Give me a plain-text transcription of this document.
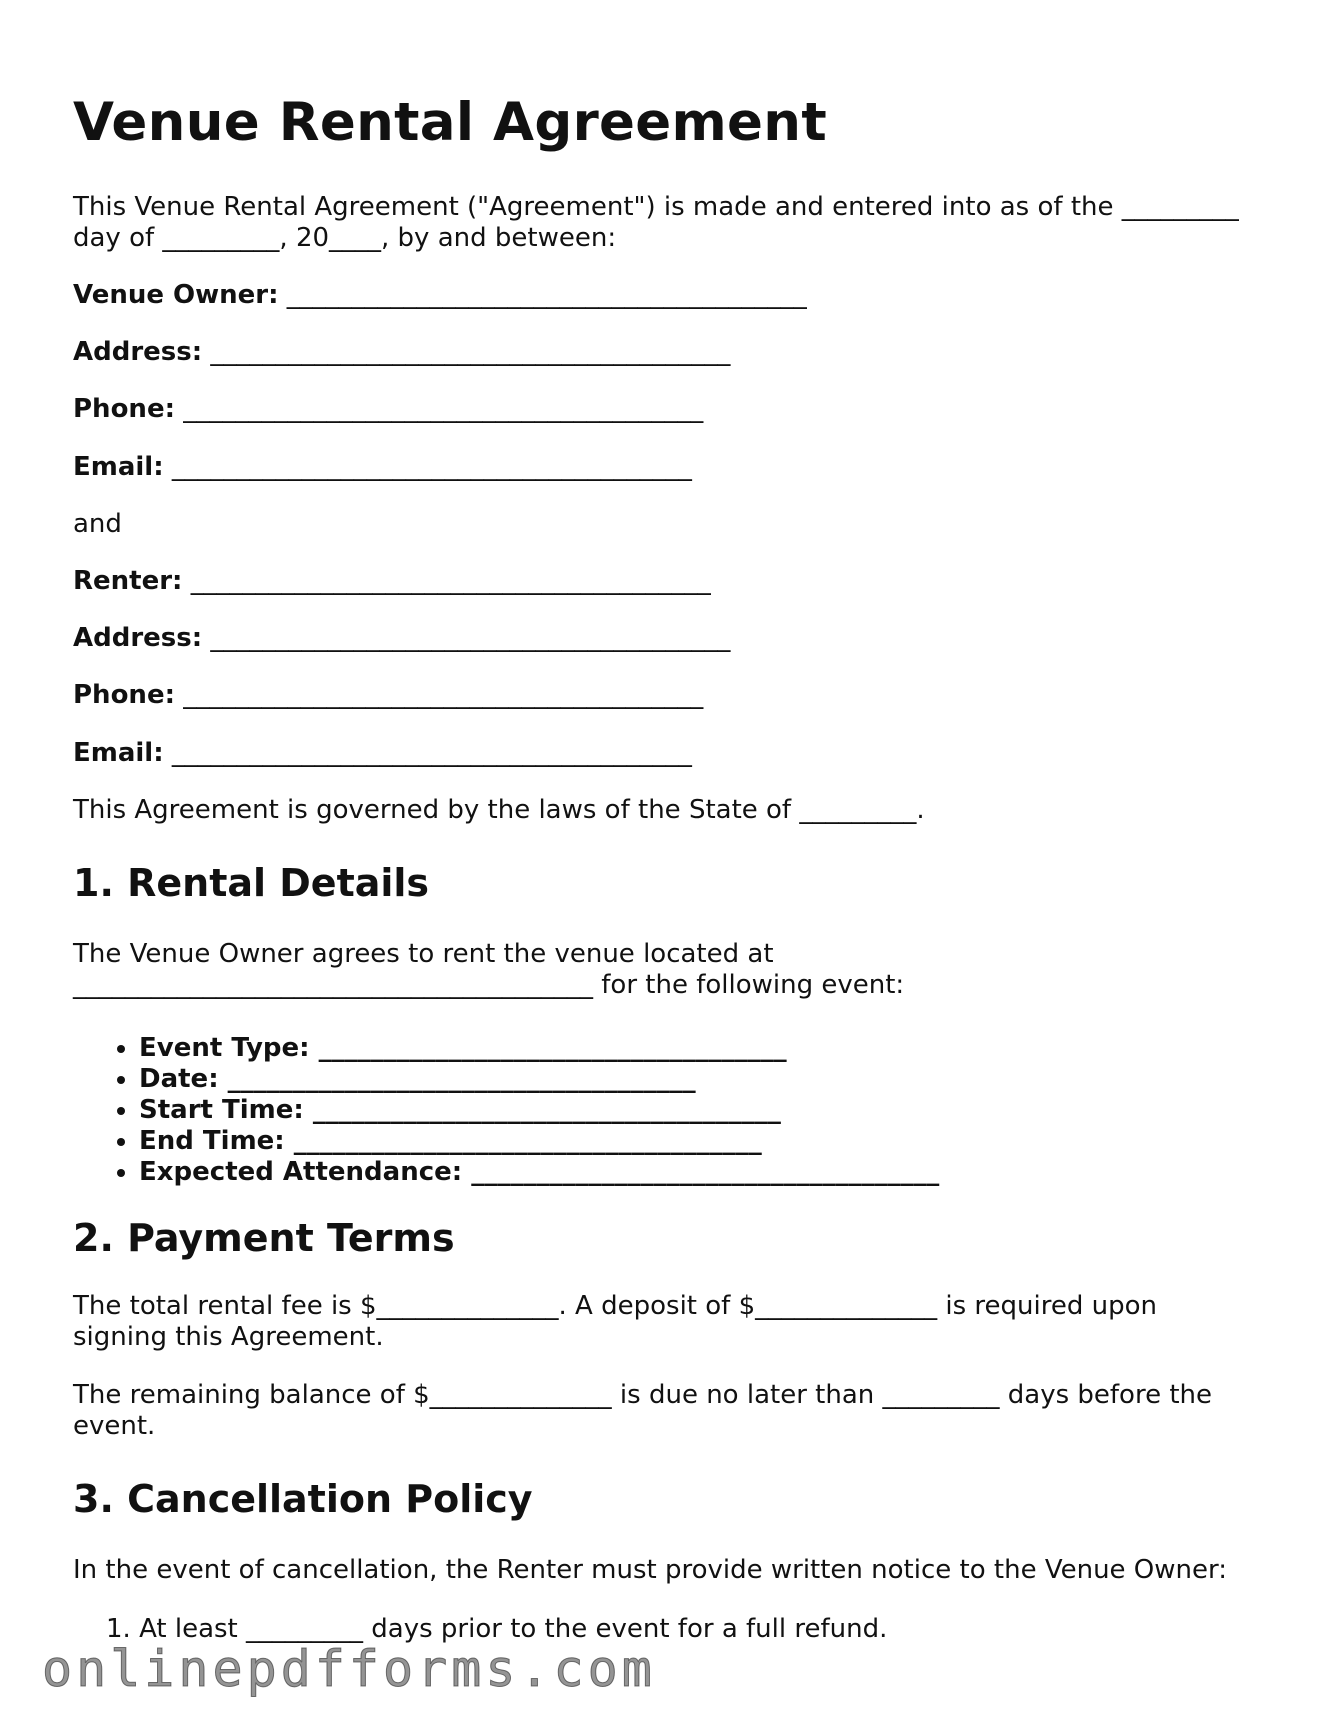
Venue Rental Agreement

This Venue Rental Agreement ("Agreement") is made and entered into as of the _________

day of _________, 20____, by and between:

Venue Owner: ________________________________________

Address: ________________________________________

Phone: ________________________________________

Email: ________________________________________

and

Renter: ________________________________________

Address: ________________________________________

Phone: ________________________________________

Email: ________________________________________

This Agreement is governed by the laws of the State of _________.

1. Rental Details

The Venue Owner agrees to rent the venue located at

________________________________________ for the following event:

• Event Type: ____________________________________
• Date: ____________________________________
• Start Time: ____________________________________
• End Time: ____________________________________
• Expected Attendance: ____________________________________
2. Payment Terms

The total rental fee is $______________. A deposit of $______________ is required upon

signing this Agreement.

The remaining balance of $______________ is due no later than _________ days before the

event.

3. Cancellation Policy

In the event of cancellation, the Renter must provide written notice to the Venue Owner:

1. At least _________ days prior to the event for a full refund.
onlinepdfforms.com
